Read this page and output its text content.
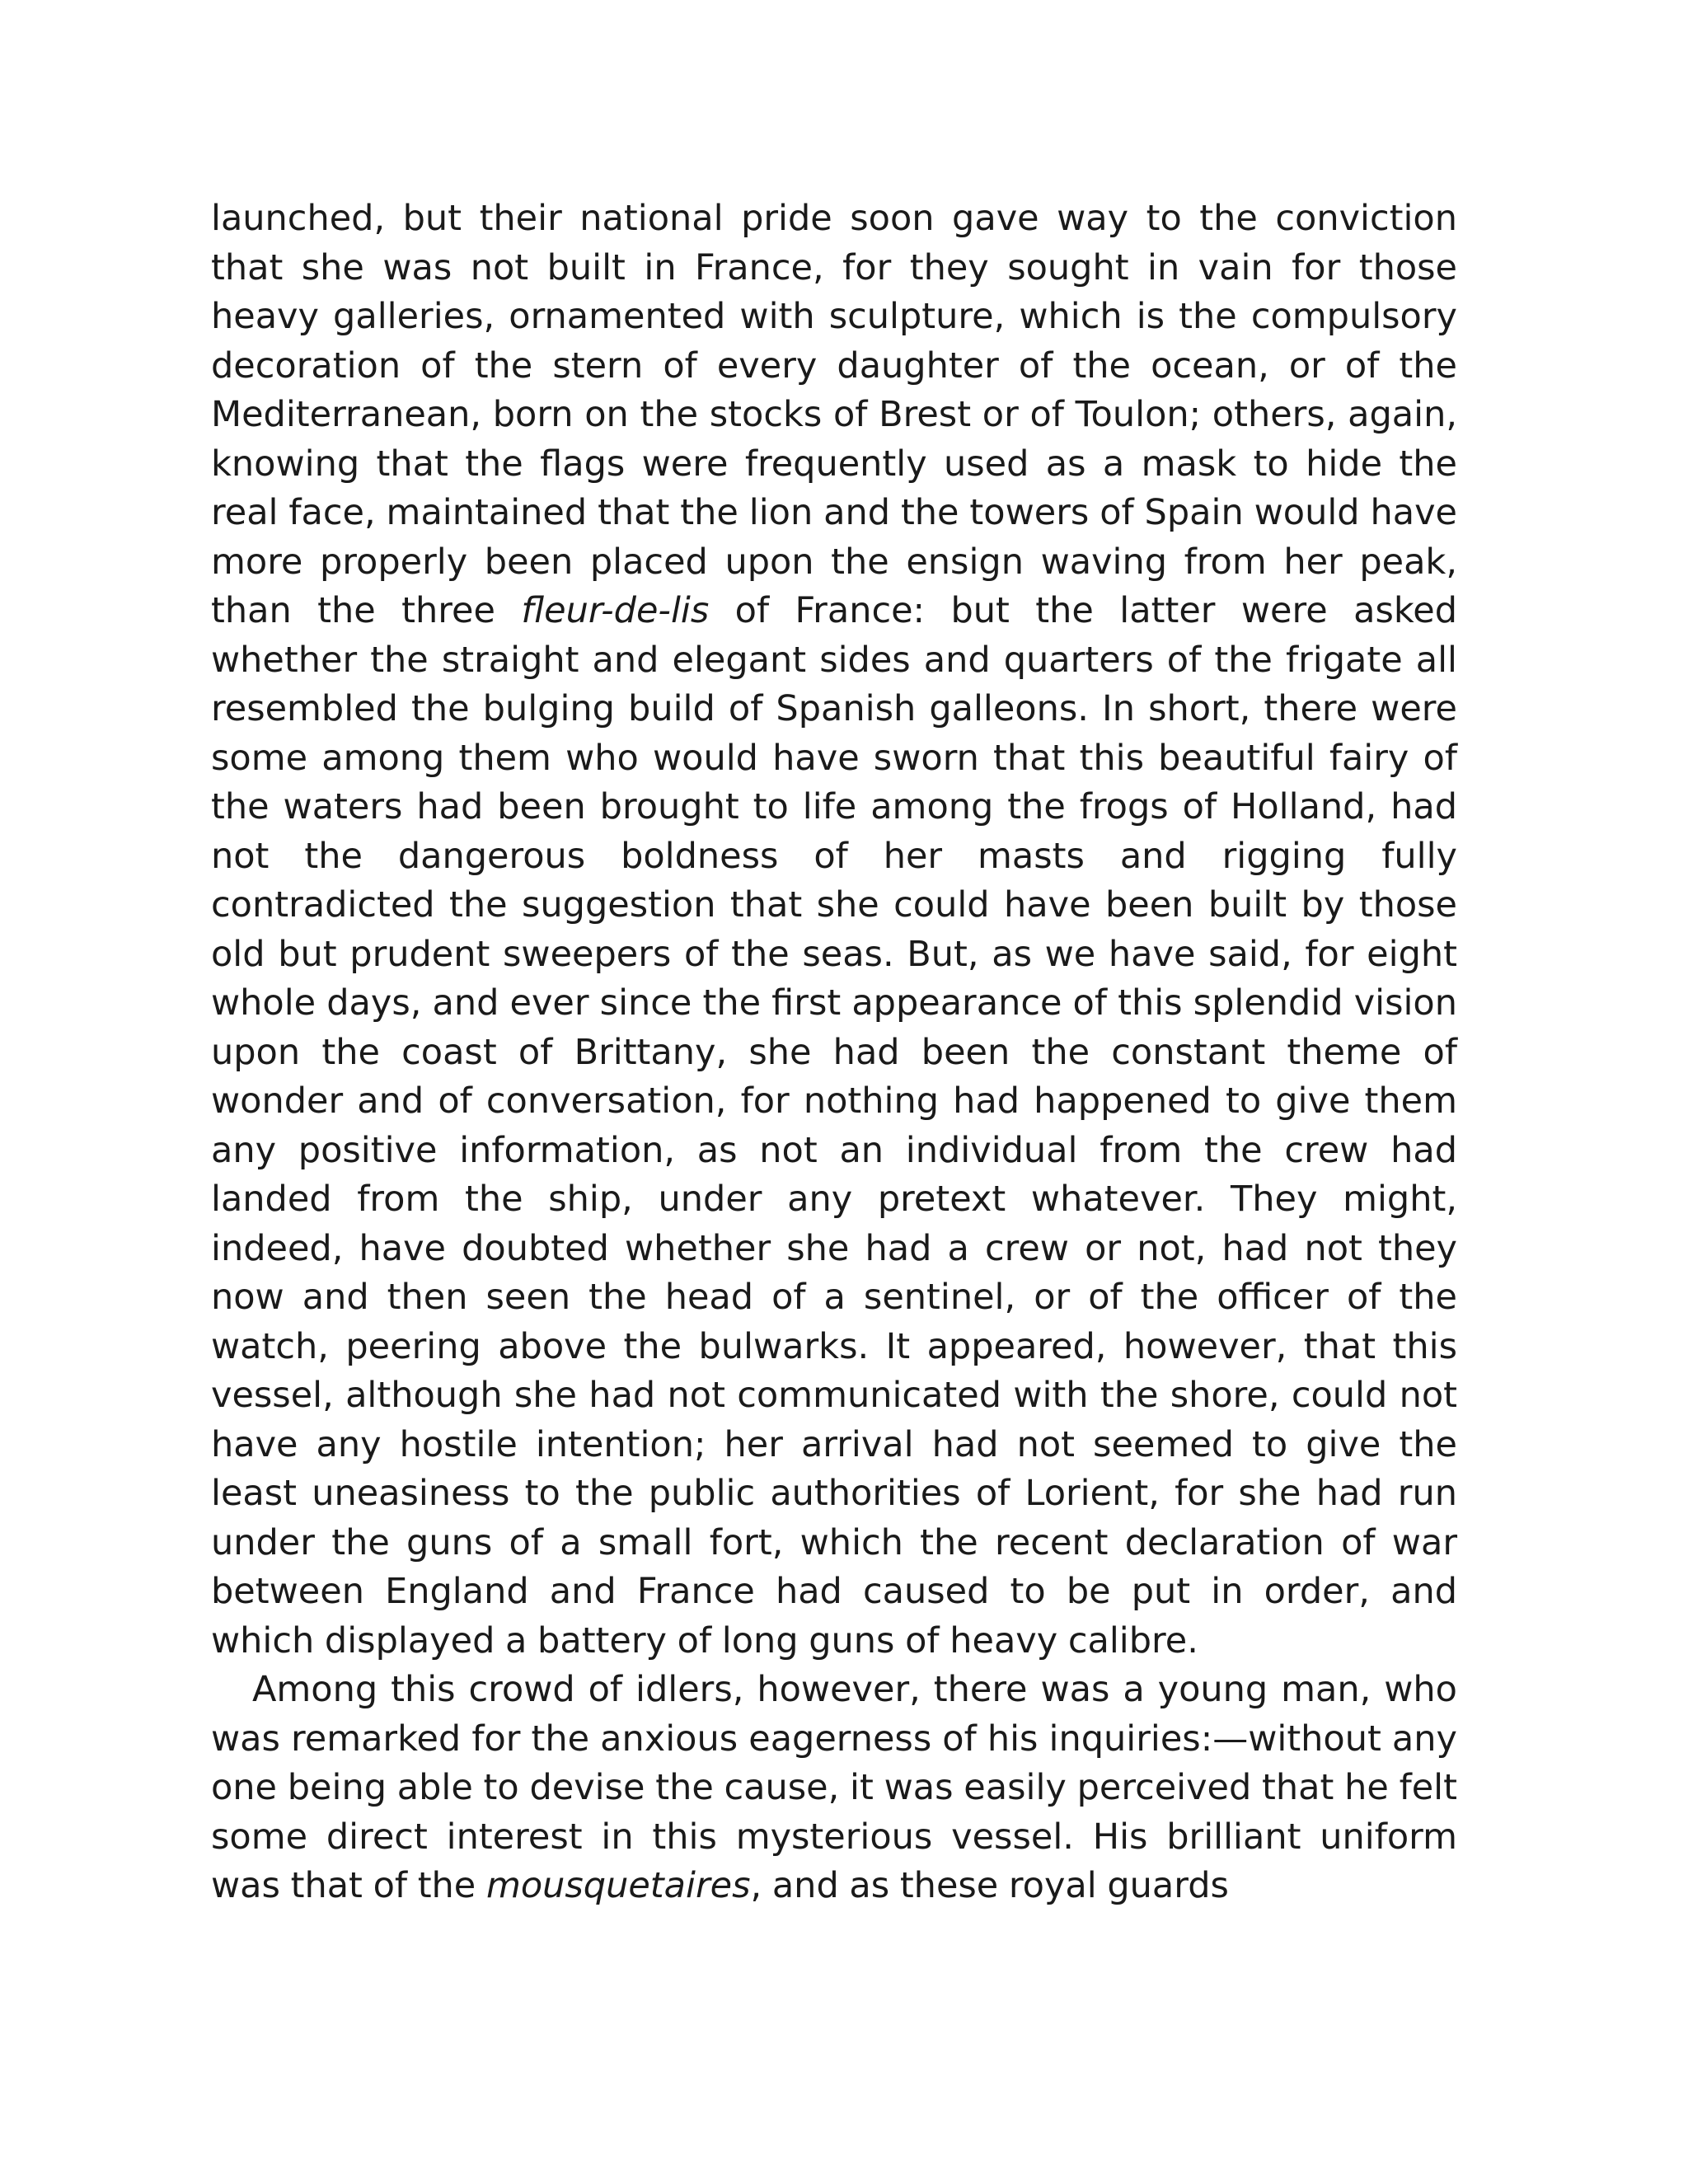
launched, but their national pride soon gave way to the conviction that she was not built in France, for they sought in vain for those heavy galleries, ornamented with sculpture, which is the compulsory decoration of the stern of every daughter of the ocean, or of the Mediterranean, born on the stocks of Brest or of Toulon; others, again, knowing that the flags were frequently used as a mask to hide the real face, maintained that the lion and the towers of Spain would have more properly been placed upon the ensign waving from her peak, than the three fleur-de-lis of France: but the latter were asked whether the straight and elegant sides and quarters of the frigate all resembled the bulging build of Spanish galleons. In short, there were some among them who would have sworn that this beautiful fairy of the waters had been brought to life among the frogs of Holland, had not the dangerous boldness of her masts and rigging fully contradicted the suggestion that she could have been built by those old but prudent sweepers of the seas. But, as we have said, for eight whole days, and ever since the first appearance of this splendid vision upon the coast of Brittany, she had been the constant theme of wonder and of conversation, for nothing had happened to give them any positive information, as not an individual from the crew had landed from the ship, under any pretext whatever. They might, indeed, have doubted whether she had a crew or not, had not they now and then seen the head of a sentinel, or of the officer of the watch, peering above the bulwarks. It appeared, however, that this vessel, although she had not communicated with the shore, could not have any hostile intention; her arrival had not seemed to give the least uneasiness to the public authorities of Lorient, for she had run under the guns of a small fort, which the recent declaration of war between England and France had caused to be put in order, and which displayed a battery of long guns of heavy calibre.

Among this crowd of idlers, however, there was a young man, who was remarked for the anxious eagerness of his inquiries:—without any one being able to devise the cause, it was easily perceived that he felt some direct interest in this mysterious vessel. His brilliant uniform was that of the mousquetaires, and as these royal guards
